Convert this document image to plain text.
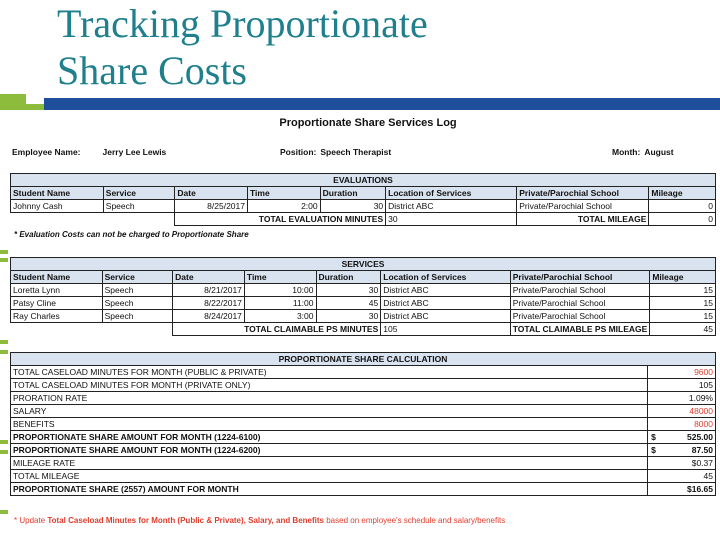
Tracking Proportionate
Share Costs
Proportionate Share Services Log
Employee Name:	Jerry Lee Lewis	Position: Speech Therapist	Month: August
EVALUATIONS							
Student Name	Service	Date	Time	Duration	Location of Services	Private/Parochial School	Mileage
Johnny Cash	Speech	8/25/2017	2:00	30	District ABC	Private/Parochial School	0
		TOTAL EVALUATION MINUTES			30	TOTAL MILEAGE	0
* Evaluation Costs can not be charged to Proportionate Share
SERVICES							
Student Name	Service	Date	Time	Duration	Location of Services	Private/Parochial School	Mileage
Loretta Lynn	Speech	8/21/2017	10:00	30	District ABC	Private/Parochial School	15
Patsy Cline	Speech	8/22/2017	11:00	45	District ABC	Private/Parochial School	15
Ray Charles	Speech	8/24/2017	3:00	30	District ABC	Private/Parochial School	15
		TOTAL CLAIMABLE PS MINUTES			105	TOTAL CLAIMABLE PS MILEAGE	45
PROPORTIONATE SHARE CALCULATION	
TOTAL CASELOAD MINUTES FOR MONTH (PUBLIC & PRIVATE)	9600
TOTAL CASELOAD MINUTES FOR MONTH (PRIVATE ONLY)	105
PRORATION RATE	1.09%
SALARY	48000
BENEFITS	8000
PROPORTIONATE SHARE AMOUNT FOR MONTH (1224-6100)	$ 525.00
PROPORTIONATE SHARE AMOUNT FOR MONTH (1224-6200)	$ 87.50
MILEAGE RATE	$0.37
TOTAL MILEAGE	45
PROPORTIONATE SHARE (2557) AMOUNT FOR MONTH	$16.65
* Update Total Caseload Minutes for Month (Public & Private), Salary, and Benefits based on employee's schedule and salary/benefits
